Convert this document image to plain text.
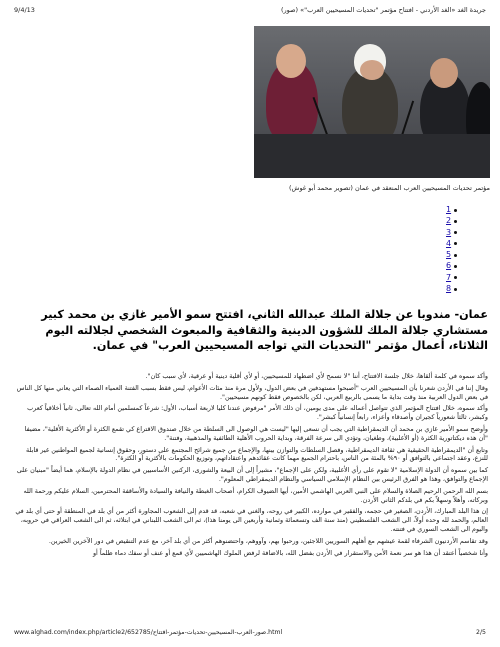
9/4/13	جريدة الغد «الغد الأردني - افتتاح مؤتمر "تحديات المسيحيين العرب"» (صور)
مؤتمر تحديات المسيحيين العرب المنعقد في عمان (تصوير محمد أبو غوش)
1
2
3
4
5
6
7
8
عمان- مندوبا عن جلالة الملك عبدالله الثاني، افتتح سمو الأمير غازي بن محمد كبير مستشاري جلالة الملك للشؤون الدينية والثقافية والمبعوث الشخصي لجلالته اليوم الثلاثاء، أعمال مؤتمر "التحديات التي تواجه المسيحيين العرب" في عمان.

وأكد سموه في كلمة ألقاها، خلال جلسة الافتتاح، أننا "لا نسمح لأي اضطهاد للمسيحيين، أو لأي أقلية دينية أو عرقية، لأي سبب كان".

وقال إننا في الأردن شعرنا بأن المسيحيين العرب "أصبحوا مستهدفين في بعض الدول، ولأول مرة منذ مئات الأعوام، ليس فقط بسبب الفتنة العمياء الصماء التي يعاني منها كل الناس في بعض الدول العربية منذ وقت بداية ما يسمى بالربيع العربي، لكن بالخصوص فقط كونهم مسيحيين".

وأكد سموه، خلال افتتاح المؤتمر الذي تتواصل أعماله على مدى يومين، أن ذلك الأمر "مرفوض عندنا كليا لاربعة أسباب، الأول: شرعاً كمسلمين أمام الله تعالى، ثانياً أخلاقياً كعرب وكبشر، ثالثاً شعورياً كجيران وأصدقاء وأعزاء، رابعاً إنسانياً كبشر".

وأوضح سمو الأمير غازي بن محمد أن الديمقراطية التي يجب أن نسعى إليها "ليست هي الوصول الى السلطة من خلال صندوق الاقتراع كي تقمع الكثرة أو الأكثرية الأقلية"، مضيفا "أن هذه ديكتاتورية الكثرة (أو الأغلبية)، وطغيان، وتؤدي الى سرعة الفرقة، وبداية الحروب الأهلية الطائفية والمذهبية، وفتنة".

وتابع أن "الديمقراطية الحقيقية هي ثقافة الديمقراطية، وفصل السلطات والتوازن بينها، والإجماع من جميع شرائح المجتمع على دستور، وحقوق إنسانية لجميع المواطنين غير قابلة للنزع، وعقد اجتماعي بالتوافق أو ٩٠% بالمئة من الناس، باحترام الجميع مهما كانت عقائدهم واعتقاداتهم، وتوزيع الحكومات بالأكثرية أو الكثرة".

كما بين سموه أن الدولة الإسلامية "لا تقوم على رأي الأغلبية، ولكن على الإجماع"، مشيراً إلى أن البيعة والشورى، الركنين الأساسيين في نظام الدولة بالإسلام، هما أيضاً "مبنيان على الإجماع والتوافق، وهذا هو الفرق الرئيس بين النظام الإسلامي السياسي والنظام الديمقراطي المعلوم".

بسم الله الرحمن الرحيم الصلاة والسلام على النبي العربي الهاشمي الأمين، أيها الضيوف الكرام، أصحاب الغبطة والنيافة والسيادة والأساقفة المحترمين، السلام عليكم ورحمة الله وبركاته، وأهلاً وسهلاً بكم في بلدكم الثاني الأردن.

إن هذا البلد المبارك، الأردن، الصغير في حجمه، والفقير في موارده، الكبير في روحه، والغني في شعبه، قد قدم إلى الشعوب المجاورة أكثر من أي بلد في المنطقة أو حتى أي بلد في العالم، والحمد لله وحده أولاً، الى الشعب الفلسطيني (منذ سنة الف وتسعمائة وثمانية وأربعين الى يومنا هذا)، ثم الى الشعب اللبناني في ابتلائه، ثم الى الشعب العراقي في حروبه، واليوم الى الشعب السوري في فتنته.

وقد تقاسم الأردنيون الشرفاء لقمة عيشهم مع أهلهم السوريين اللاجئين، ورحبوا بهم، وآووهم، واحتضنوهم أكثر من أي بلد آخر، مع عدم التنقيص في دور الآخرين الخيرين.

وأنا شخصياً أعتقد أن هذا هو سر نعمة الأمن والاستقرار في الأردن بفضل الله، بالاضافة لرفض الملوك الهاشميين لأي قمع أو عنف أو سفك دماء ظلماً أو

www.alghad.com/index.php/article2/652785/صور-العرب-المسيحيين-تحديات-مؤتمر-افتتاح.html	2/5
